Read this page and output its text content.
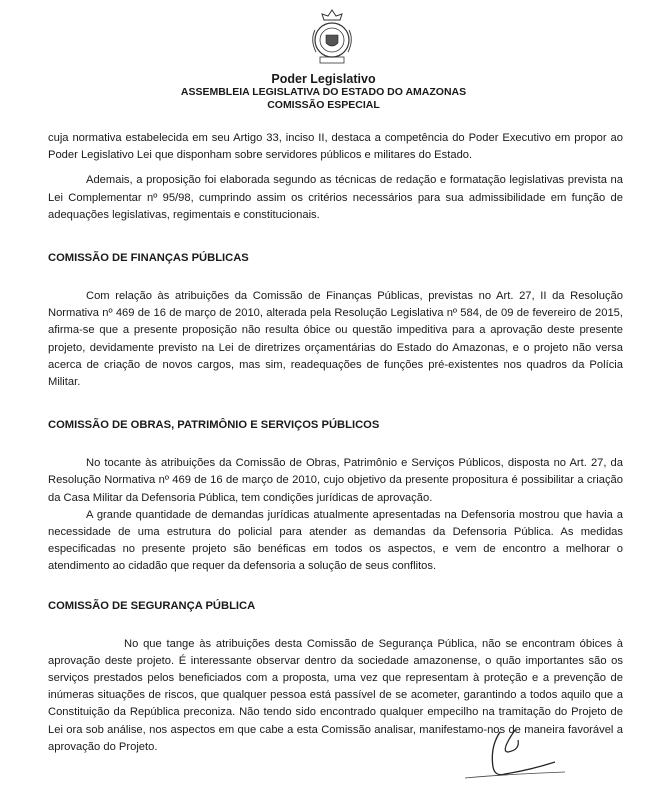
Poder Legislativo
ASSEMBLEIA LEGISLATIVA DO ESTADO DO AMAZONAS
COMISSÃO ESPECIAL

cuja normativa estabelecida em seu Artigo 33, inciso II, destaca a competência do Poder Executivo em propor ao Poder Legislativo Lei que disponham sobre servidores públicos e militares do Estado.

Ademais, a proposição foi elaborada segundo as técnicas de redação e formatação legislativas prevista na Lei Complementar nº 95/98, cumprindo assim os critérios necessários para sua admissibilidade em função de adequações legislativas, regimentais e constitucionais.

COMISSÃO DE FINANÇAS PÚBLICAS

Com relação às atribuições da Comissão de Finanças Públicas, previstas no Art. 27, II da Resolução Normativa nº 469 de 16 de março de 2010, alterada pela Resolução Legislativa nº 584, de 09 de fevereiro de 2015, afirma-se que a presente proposição não resulta óbice ou questão impeditiva para a aprovação deste presente projeto, devidamente previsto na Lei de diretrizes orçamentárias do Estado do Amazonas, e o projeto não versa acerca de criação de novos cargos, mas sim, readequações de funções pré-existentes nos quadros da Polícia Militar.

COMISSÃO DE OBRAS, PATRIMÔNIO E SERVIÇOS PÚBLICOS

No tocante às atribuições da Comissão de Obras, Patrimônio e Serviços Públicos, disposta no Art. 27, da Resolução Normativa nº 469 de 16 de março de 2010, cujo objetivo da presente propositura é possibilitar a criação da Casa Militar da Defensoria Pública, tem condições jurídicas de aprovação.

A grande quantidade de demandas jurídicas atualmente apresentadas na Defensoria mostrou que havia a necessidade de uma estrutura do policial para atender as demandas da Defensoria Pública. As medidas especificadas no presente projeto são benéficas em todos os aspectos, e vem de encontro a melhorar o atendimento ao cidadão que requer da defensoria a solução de seus conflitos.

COMISSÃO DE SEGURANÇA PÚBLICA

No que tange às atribuições desta Comissão de Segurança Pública, não se encontram óbices à aprovação deste projeto. É interessante observar dentro da sociedade amazonense, o quão importantes são os serviços prestados pelos beneficiados com a proposta, uma vez que representam à proteção e a prevenção de inúmeras situações de riscos, que qualquer pessoa está passível de se acometer, garantindo a todos aquilo que a Constituição da República preconiza. Não tendo sido encontrado qualquer empecilho na tramitação do Projeto de Lei ora sob análise, nos aspectos em que cabe a esta Comissão analisar, manifestamo-nos de maneira favorável a aprovação do Projeto.
